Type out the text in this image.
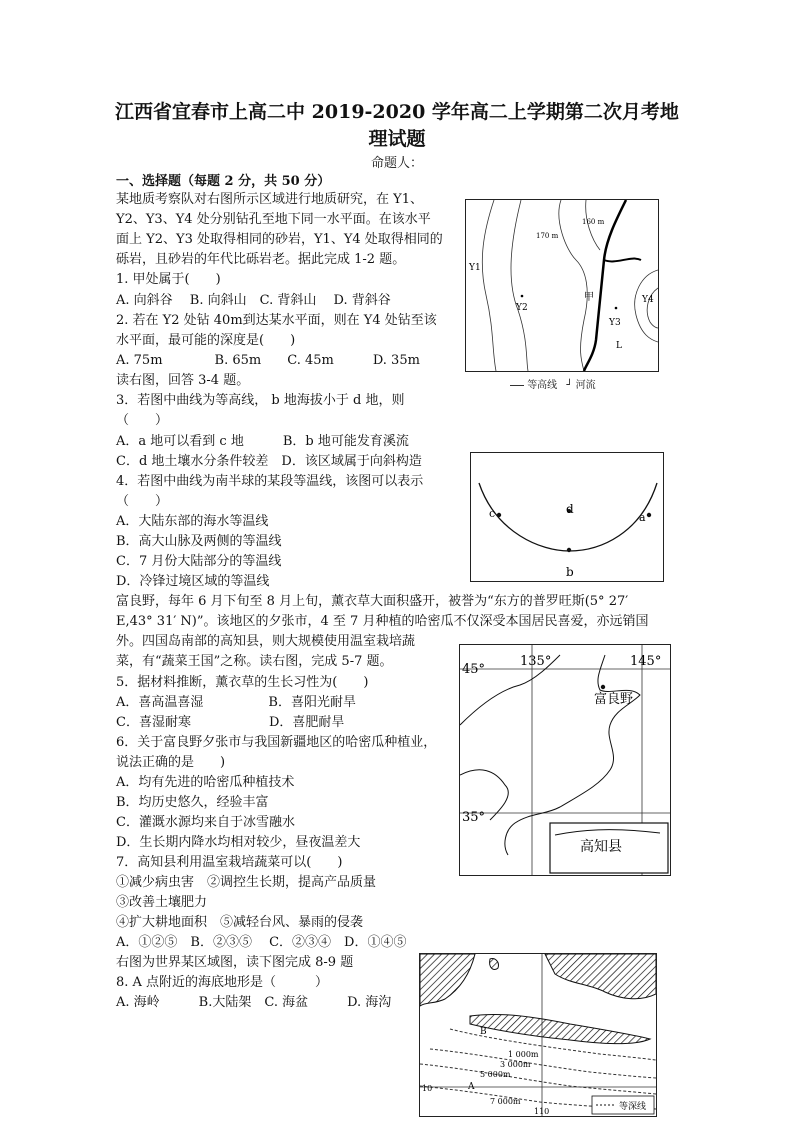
江西省宜春市上高二中 2019-2020 学年高二上学期第二次月考地
理试题
命题人：
一、选择题（每题 2 分，共 50 分）
某地质考察队对右图所示区域进行地质研究，在 Y1、
Y2、Y3、Y4 处分别钻孔至地下同一水平面。在该水平
面上 Y2、Y3 处取得相同的砂岩，Y1、Y4 处取得相同的
砾岩，且砂岩的年代比砾岩老。据此完成 1-2 题。
1. 甲处属于(　　)
A. 向斜谷　 B. 向斜山　C. 背斜山　 D. 背斜谷
2. 若在 Y2 处钻 40m到达某水平面，则在 Y4 处钻至该
水平面，最可能的深度是(　　)
A. 75m　　　　B. 65m　　C. 45m　　　D. 35m
读右图，回答 3-4 题。
3．若图中曲线为等高线， b 地海拔小于 d 地，则
（　　）
A．a 地可以看到 c 地　　　B．b 地可能发育溪流
C．d 地土壤水分条件较差　D．该区域属于向斜构造
4．若图中曲线为南半球的某段等温线，该图可以表示
（　　）
A．大陆东部的海水等温线
B．高大山脉及两侧的等温线
C．7 月份大陆部分的等温线
D．冷锋过境区域的等温线
富良野，每年 6 月下旬至 8 月上旬，薰衣草大面积盛开，被誉为“东方的普罗旺斯(5° 27′
E,43° 31′ N)”。该地区的夕张市，4 至 7 月种植的哈密瓜不仅深受本国居民喜爱，亦远销国
外。四国岛南部的高知县，则大规模使用温室栽培蔬
菜，有“蔬菜王国”之称。读右图，完成 5-7 题。
5．据材料推断，薰衣草的生长习性为(　　)
A．喜高温喜湿　　　　　B．喜阳光耐旱
C．喜湿耐寒　　　　　　D．喜肥耐旱
6．关于富良野夕张市与我国新疆地区的哈密瓜种植业，
说法正确的是　　)
A．均有先进的哈密瓜种植技术
B．均历史悠久，经验丰富
C．灌溉水源均来自于冰雪融水
D．生长期内降水均相对较少，昼夜温差大
7．高知县利用温室栽培蔬菜可以(　　)
①减少病虫害　②调控生长期，提高产品质量
③改善土壤肥力
④扩大耕地面积　⑤减轻台风、暴雨的侵袭
A．①②⑤　B．②③⑤　 C．②③④　D．①④⑤
右图为世界某区域图，读下图完成 8-9 题
8. A 点附近的海底地形是（　　　）
A. 海岭　　　B.大陆架　C. 海盆　　　D. 海沟
170 m
160 m
Y1
Y2
甲
Y3
Y4
L
等高线 ┘ 河流
c	a
d
b
135°	145°
45°
35°
富良野
高知县
B
1 000m
3 000m
5 000m
7 000m
A
10
110	等深线
